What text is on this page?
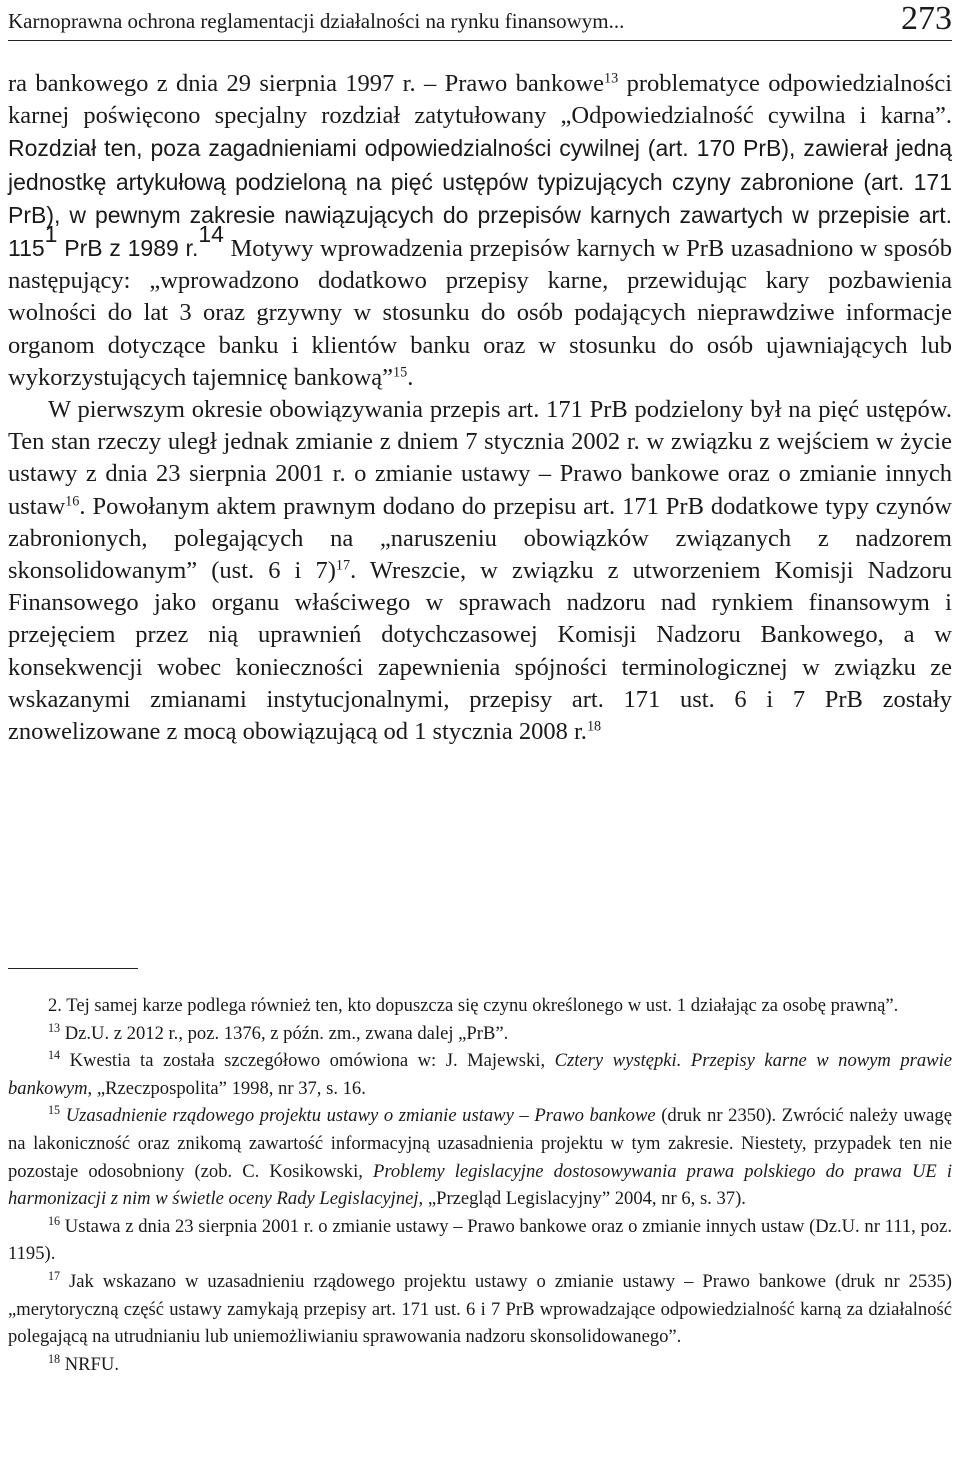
Karnoprawna ochrona reglamentacji działalności na rynku finansowym...	273

ra bankowego z dnia 29 sierpnia 1997 r. – Prawo bankowe$^{13}$ problematyce odpowiedzialności karnej poświęcono specjalny rozdział zatytułowany „Odpowiedzialność cywilna i karna”. Rozdział ten, poza zagadnieniami odpowiedzialności cywilnej (art. 170 PrB), zawierał jedną jednostkę artykułową podzieloną na pięć ustępów typizujących czyny zabronione (art. 171 PrB), w pewnym zakresie nawiązujących do przepisów karnych zawartych w przepisie art. $115^1$ PrB z 1989 r.$^{14}$ Motywy wprowadzenia przepisów karnych w PrB uzasadniono w sposób następujący: „wprowadzono dodatkowo przepisy karne, przewidując kary pozbawienia wolności do lat 3 oraz grzywny w stosunku do osób podających nieprawdziwe informacje organom dotyczące banku i klientów banku oraz w stosunku do osób ujawniających lub wykorzystujących tajemnicę bankową”$^{15}$.

W pierwszym okresie obowiązywania przepis art. 171 PrB podzielony był na pięć ustępów. Ten stan rzeczy uległ jednak zmianie z dniem 7 stycznia 2002 r. w związku z wejściem w życie ustawy z dnia 23 sierpnia 2001 r. o zmianie ustawy – Prawo bankowe oraz o zmianie innych ustaw$^{16}$. Powołanym aktem prawnym dodano do przepisu art. 171 PrB dodatkowe typy czynów zabronionych, polegających na „naruszeniu obowiązków związanych z nadzorem skonsolidowanym” (ust. 6 i 7)$^{17}$. Wreszcie, w związku z utworzeniem Komisji Nadzoru Finansowego jako organu właściwego w sprawach nadzoru nad rynkiem finansowym i przejęciem przez nią uprawnień dotychczasowej Komisji Nadzoru Bankowego, a w konsekwencji wobec konieczności zapewnienia spójności terminologicznej w związku ze wskazanymi zmianami instytucjonalnymi, przepisy art. 171 ust. 6 i 7 PrB zostały znowelizowane z mocą obowiązującą od 1 stycznia 2008 r.$^{18}$

2. Tej samej karze podlega również ten, kto dopuszcza się czynu określonego w ust. 1 działając za osobę prawną”.

$^{13}$ Dz.U. z 2012 r., poz. 1376, z późn. zm., zwana dalej „PrB”.

$^{14}$ Kwestia ta została szczegółowo omówiona w: J. Majewski, Cztery występki. Przepisy karne w nowym prawie bankowym, „Rzeczpospolita” 1998, nr 37, s. 16.

$^{15}$ Uzasadnienie rządowego projektu ustawy o zmianie ustawy – Prawo bankowe (druk nr 2350). Zwrócić należy uwagę na lakoniczność oraz znikomą zawartość informacyjną uzasadnienia projektu w tym zakresie. Niestety, przypadek ten nie pozostaje odosobniony (zob. C. Kosikowski, Problemy legislacyjne dostosowywania prawa polskiego do prawa UE i harmonizacji z nim w świetle oceny Rady Legislacyjnej, „Przegląd Legislacyjny” 2004, nr 6, s. 37).

$^{16}$ Ustawa z dnia 23 sierpnia 2001 r. o zmianie ustawy – Prawo bankowe oraz o zmianie innych ustaw (Dz.U. nr 111, poz. 1195).

$^{17}$ Jak wskazano w uzasadnieniu rządowego projektu ustawy o zmianie ustawy – Prawo bankowe (druk nr 2535) „merytoryczną część ustawy zamykają przepisy art. 171 ust. 6 i 7 PrB wprowadzające odpowiedzialność karną za działalność polegającą na utrudnianiu lub uniemożliwianiu sprawowania nadzoru skonsolidowanego”.

$^{18}$ NRFU.
